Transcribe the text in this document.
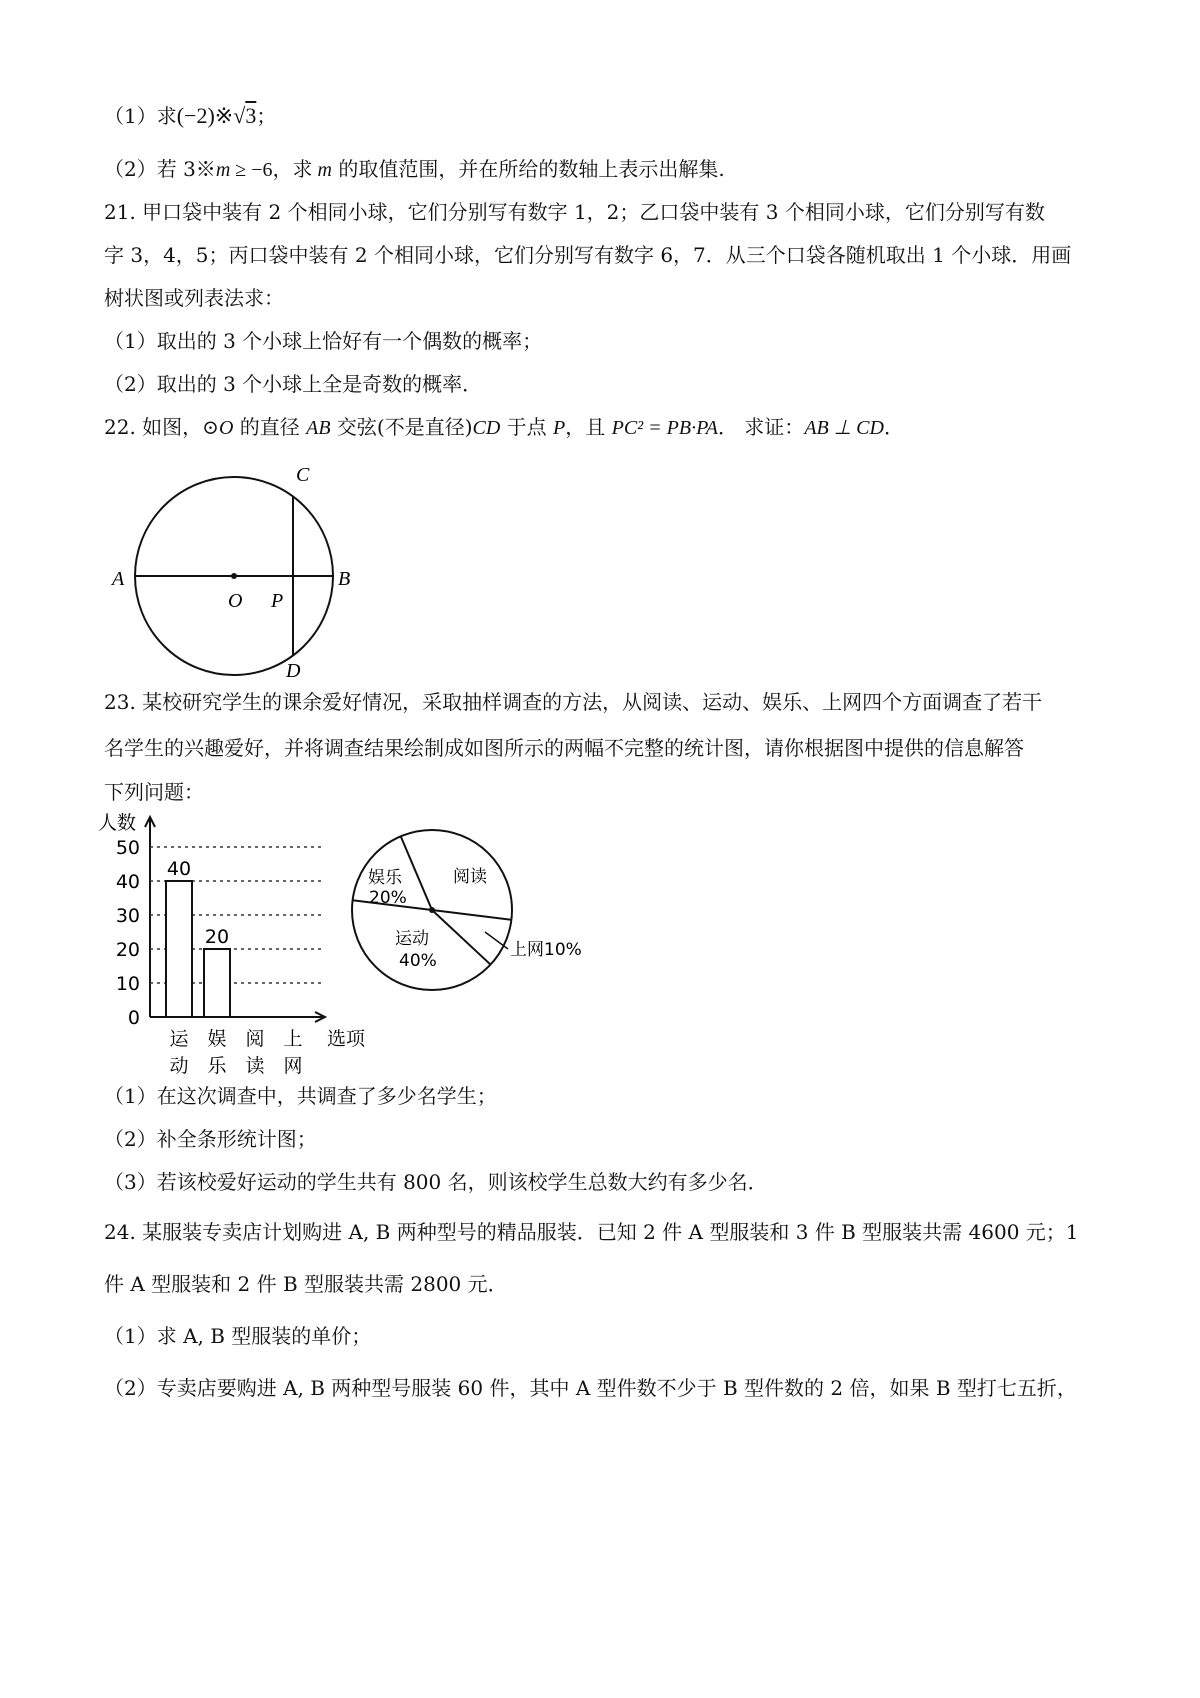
（1）求(−2)※√3；
（2）若 3※m ≥ −6，求 m 的取值范围，并在所给的数轴上表示出解集.
21. 甲口袋中装有 2 个相同小球，它们分别写有数字 1，2；乙口袋中装有 3 个相同小球，它们分别写有数
字 3，4，5；丙口袋中装有 2 个相同小球，它们分别写有数字 6，7．从三个口袋各随机取出 1 个小球．用画
树状图或列表法求：
（1）取出的 3 个小球上恰好有一个偶数的概率；
（2）取出的 3 个小球上全是奇数的概率．
22. 如图，⊙O 的直径 AB 交弦(不是直径)CD 于点 P，且 PC² = PB·PA． 求证：AB ⊥ CD．
A	B
C
D
O P
23. 某校研究学生的课余爱好情况，采取抽样调查的方法，从阅读、运动、娱乐、上网四个方面调查了若干
名学生的兴趣爱好，并将调查结果绘制成如图所示的两幅不完整的统计图，请你根据图中提供的信息解答
下列问题：
0
10
20
30
40
50
人数
选项
运
动
40
娱
乐
20
阅
读
上
网
阅读
娱乐
20%
运动
40%
上网10%
（1）在这次调查中，共调查了多少名学生；
（2）补全条形统计图；
（3）若该校爱好运动的学生共有 800 名，则该校学生总数大约有多少名．
24. 某服装专卖店计划购进 A, B 两种型号的精品服装．已知 2 件 A 型服装和 3 件 B 型服装共需 4600 元；1
件 A 型服装和 2 件 B 型服装共需 2800 元．
（1）求 A, B 型服装的单价；
（2）专卖店要购进 A, B 两种型号服装 60 件，其中 A 型件数不少于 B 型件数的 2 倍，如果 B 型打七五折，
